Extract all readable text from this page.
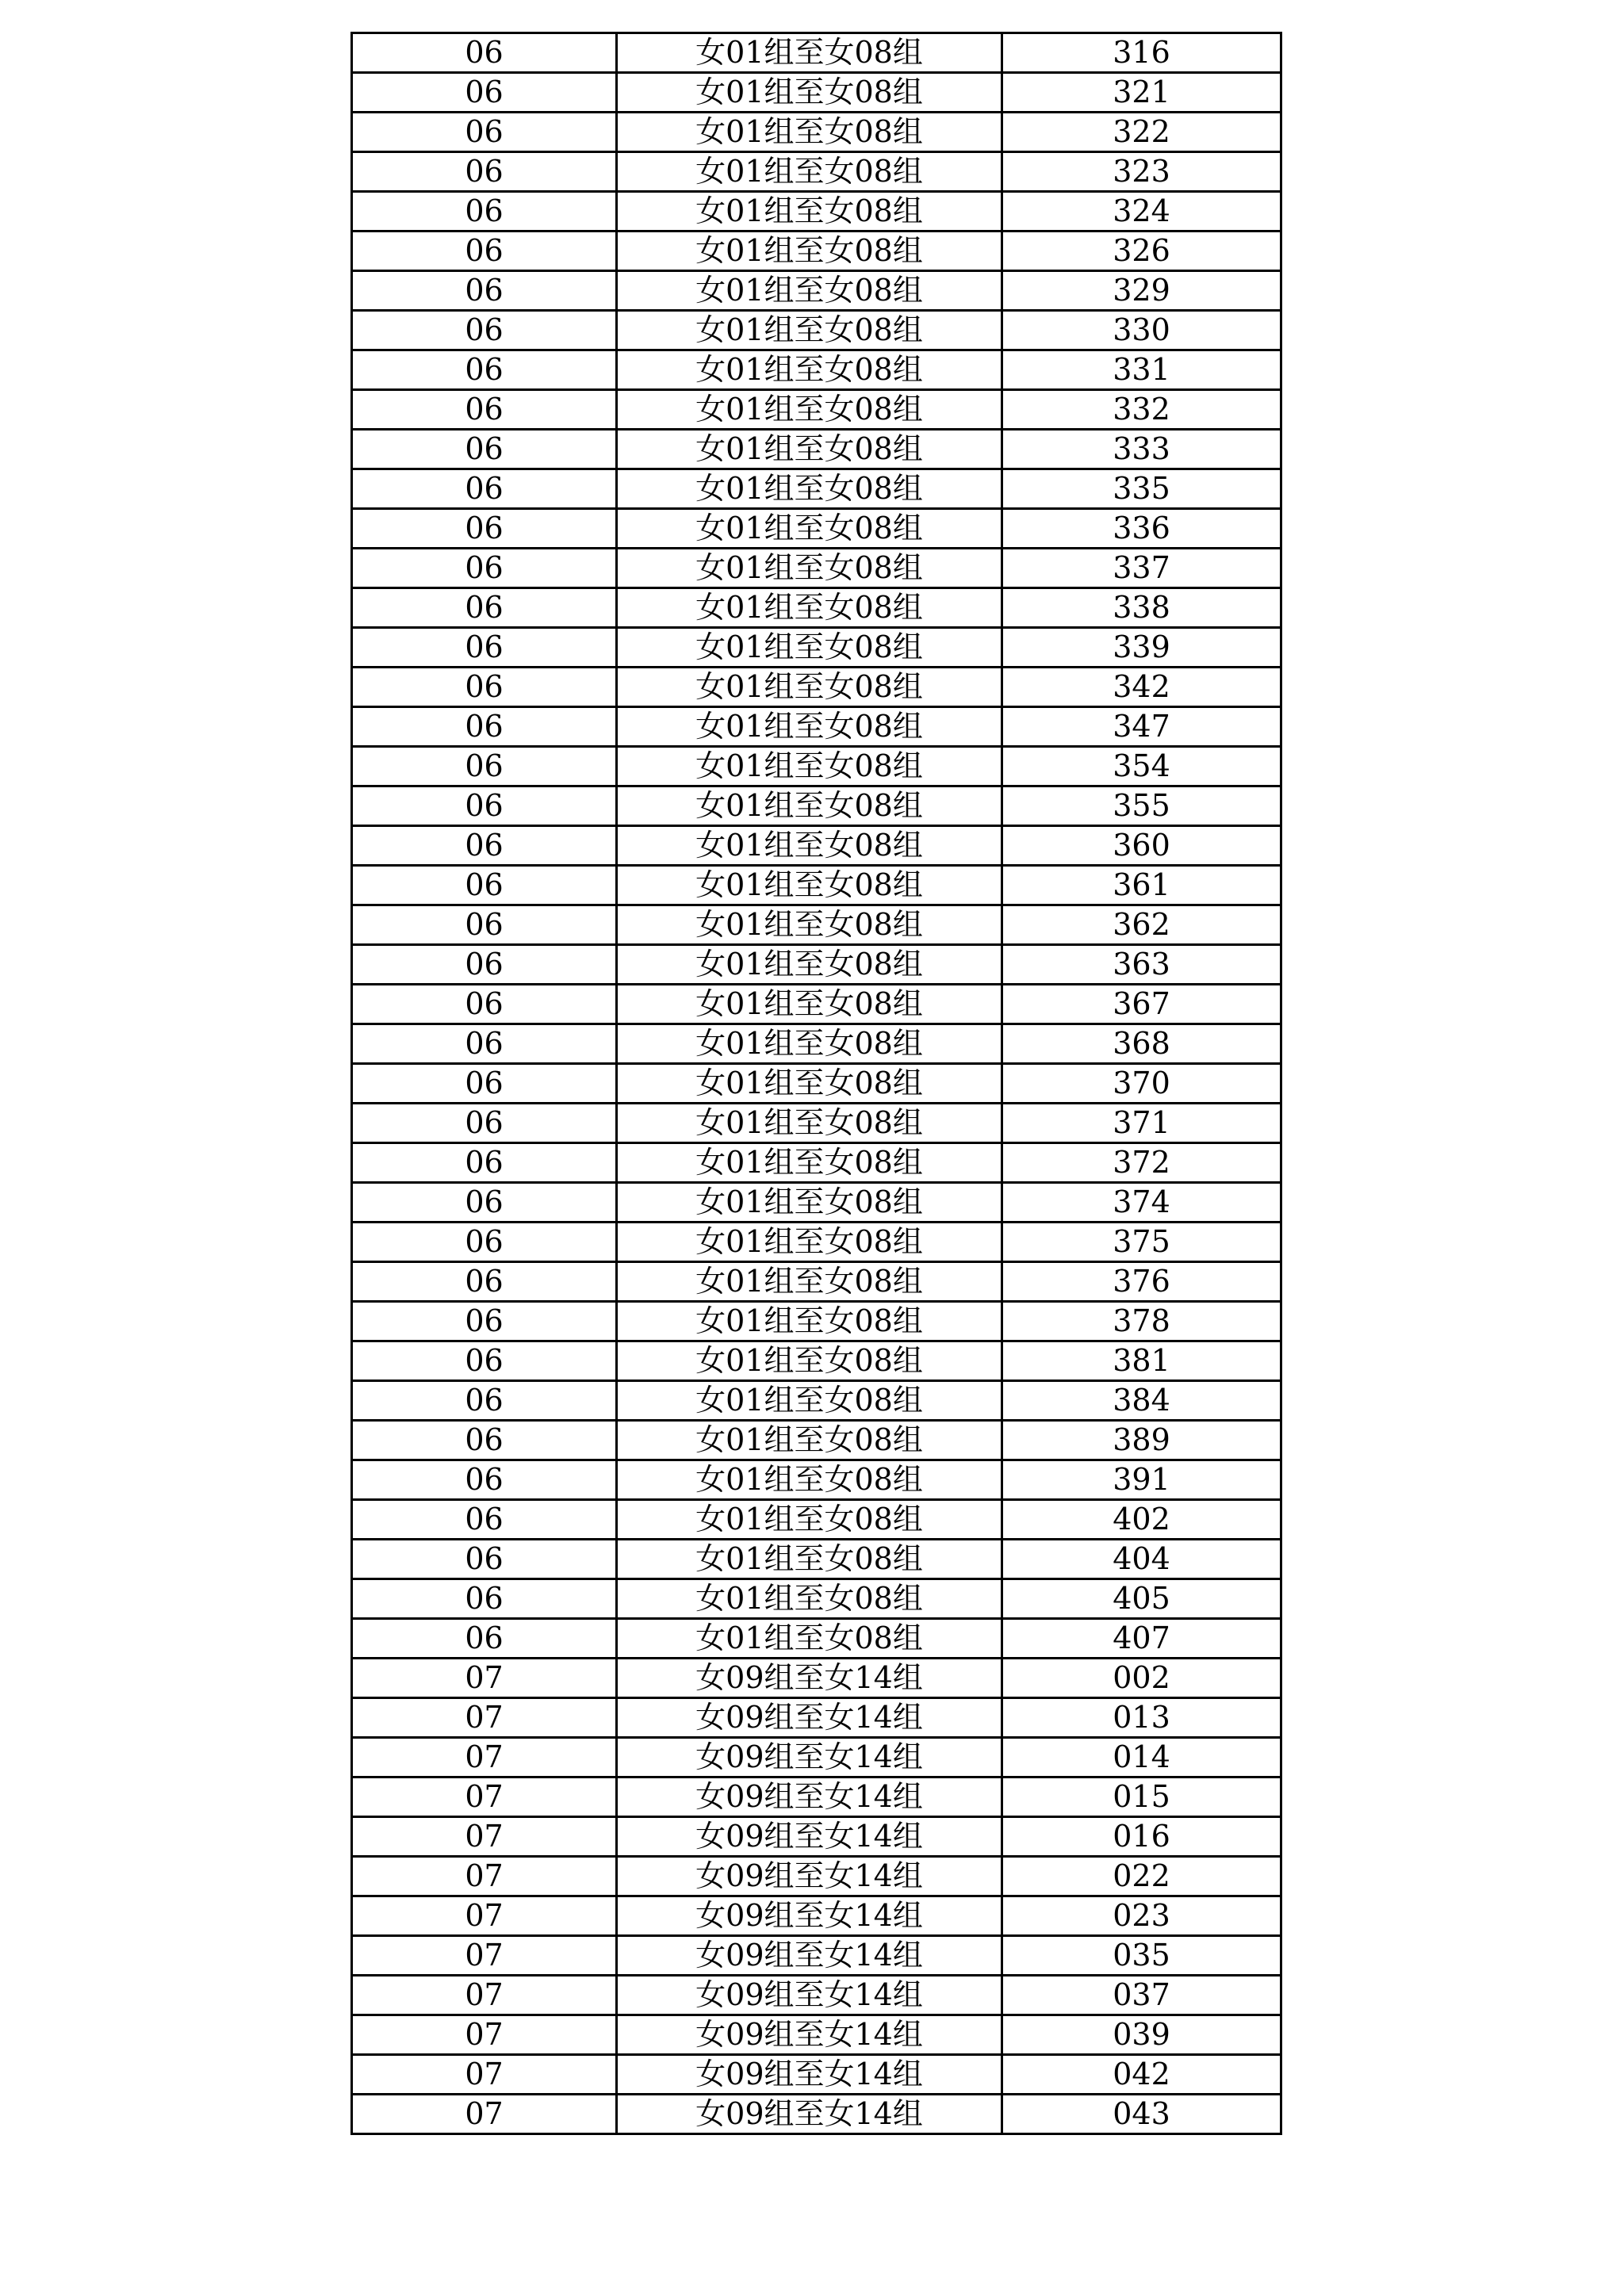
06	女01组至女08组	316
06	女01组至女08组	321
06	女01组至女08组	322
06	女01组至女08组	323
06	女01组至女08组	324
06	女01组至女08组	326
06	女01组至女08组	329
06	女01组至女08组	330
06	女01组至女08组	331
06	女01组至女08组	332
06	女01组至女08组	333
06	女01组至女08组	335
06	女01组至女08组	336
06	女01组至女08组	337
06	女01组至女08组	338
06	女01组至女08组	339
06	女01组至女08组	342
06	女01组至女08组	347
06	女01组至女08组	354
06	女01组至女08组	355
06	女01组至女08组	360
06	女01组至女08组	361
06	女01组至女08组	362
06	女01组至女08组	363
06	女01组至女08组	367
06	女01组至女08组	368
06	女01组至女08组	370
06	女01组至女08组	371
06	女01组至女08组	372
06	女01组至女08组	374
06	女01组至女08组	375
06	女01组至女08组	376
06	女01组至女08组	378
06	女01组至女08组	381
06	女01组至女08组	384
06	女01组至女08组	389
06	女01组至女08组	391
06	女01组至女08组	402
06	女01组至女08组	404
06	女01组至女08组	405
06	女01组至女08组	407
07	女09组至女14组	002
07	女09组至女14组	013
07	女09组至女14组	014
07	女09组至女14组	015
07	女09组至女14组	016
07	女09组至女14组	022
07	女09组至女14组	023
07	女09组至女14组	035
07	女09组至女14组	037
07	女09组至女14组	039
07	女09组至女14组	042
07	女09组至女14组	043
